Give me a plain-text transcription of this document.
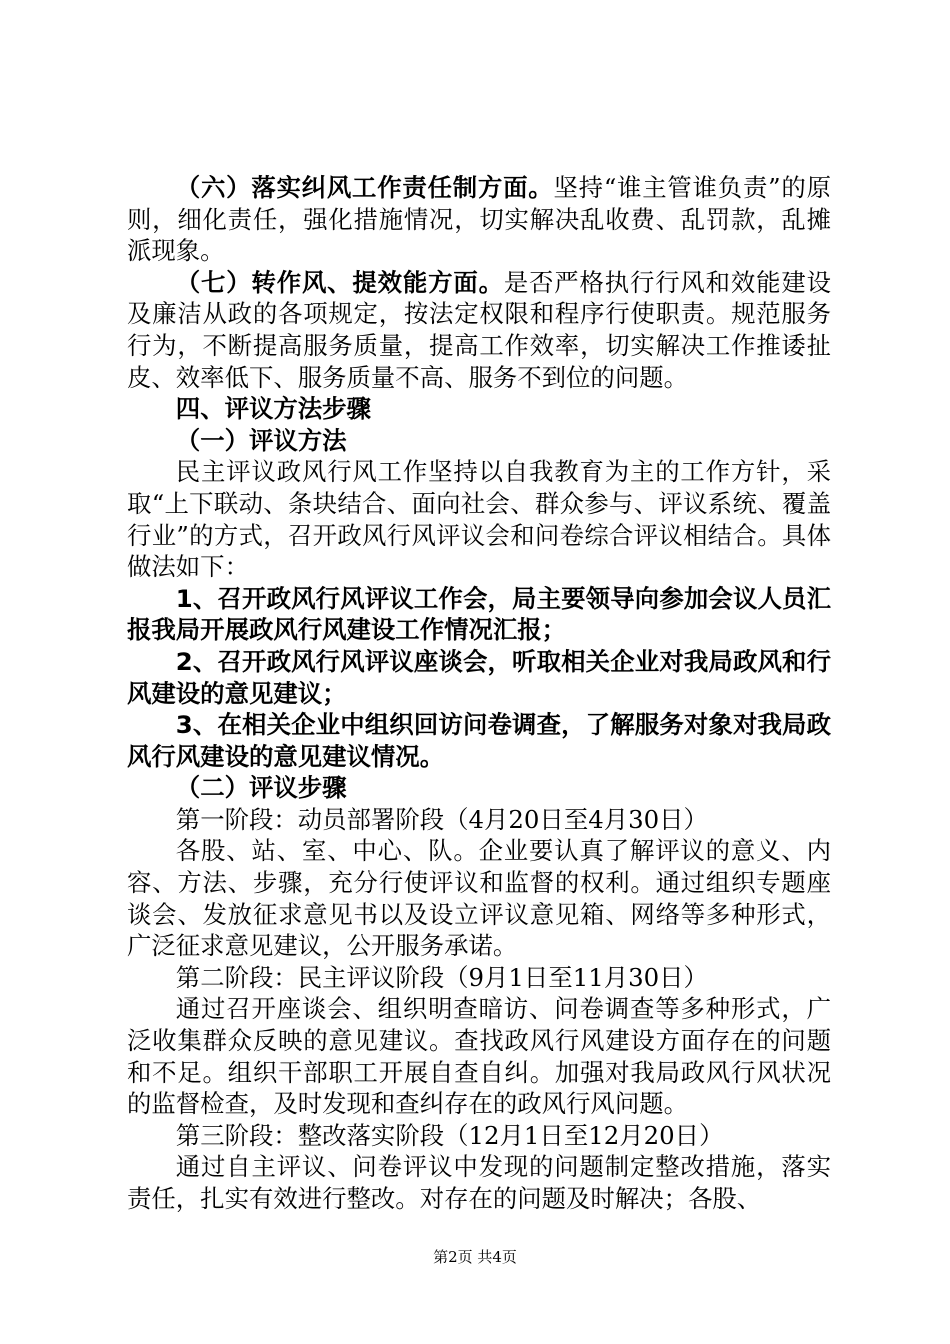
（六）落实纠风工作责任制方面。坚持“谁主管谁负责”的原则，细化责任，强化措施情况，切实解决乱收费、乱罚款，乱摊派现象。

（七）转作风、提效能方面。是否严格执行行风和效能建设及廉洁从政的各项规定，按法定权限和程序行使职责。规范服务行为，不断提高服务质量，提高工作效率，切实解决工作推诿扯皮、效率低下、服务质量不高、服务不到位的问题。

四、评议方法步骤

（一）评议方法

民主评议政风行风工作坚持以自我教育为主的工作方针，采取“上下联动、条块结合、面向社会、群众参与、评议系统、覆盖行业”的方式，召开政风行风评议会和问卷综合评议相结合。具体做法如下：

1、召开政风行风评议工作会，局主要领导向参加会议人员汇报我局开展政风行风建设工作情况汇报；

2、召开政风行风评议座谈会，听取相关企业对我局政风和行风建设的意见建议；

3、在相关企业中组织回访问卷调查，了解服务对象对我局政风行风建设的意见建议情况。

（二）评议步骤

第一阶段：动员部署阶段（4月20日至4月30日）

各股、站、室、中心、队。企业要认真了解评议的意义、内容、方法、步骤，充分行使评议和监督的权利。通过组织专题座谈会、发放征求意见书以及设立评议意见箱、网络等多种形式，广泛征求意见建议，公开服务承诺。

第二阶段：民主评议阶段（9月1日至11月30日）

通过召开座谈会、组织明查暗访、问卷调查等多种形式，广泛收集群众反映的意见建议。查找政风行风建设方面存在的问题和不足。组织干部职工开展自查自纠。加强对我局政风行风状况的监督检查，及时发现和查纠存在的政风行风问题。

第三阶段：整改落实阶段（12月1日至12月20日）

通过自主评议、问卷评议中发现的问题制定整改措施，落实责任，扎实有效进行整改。对存在的问题及时解决；各股、

第2页 共4页
